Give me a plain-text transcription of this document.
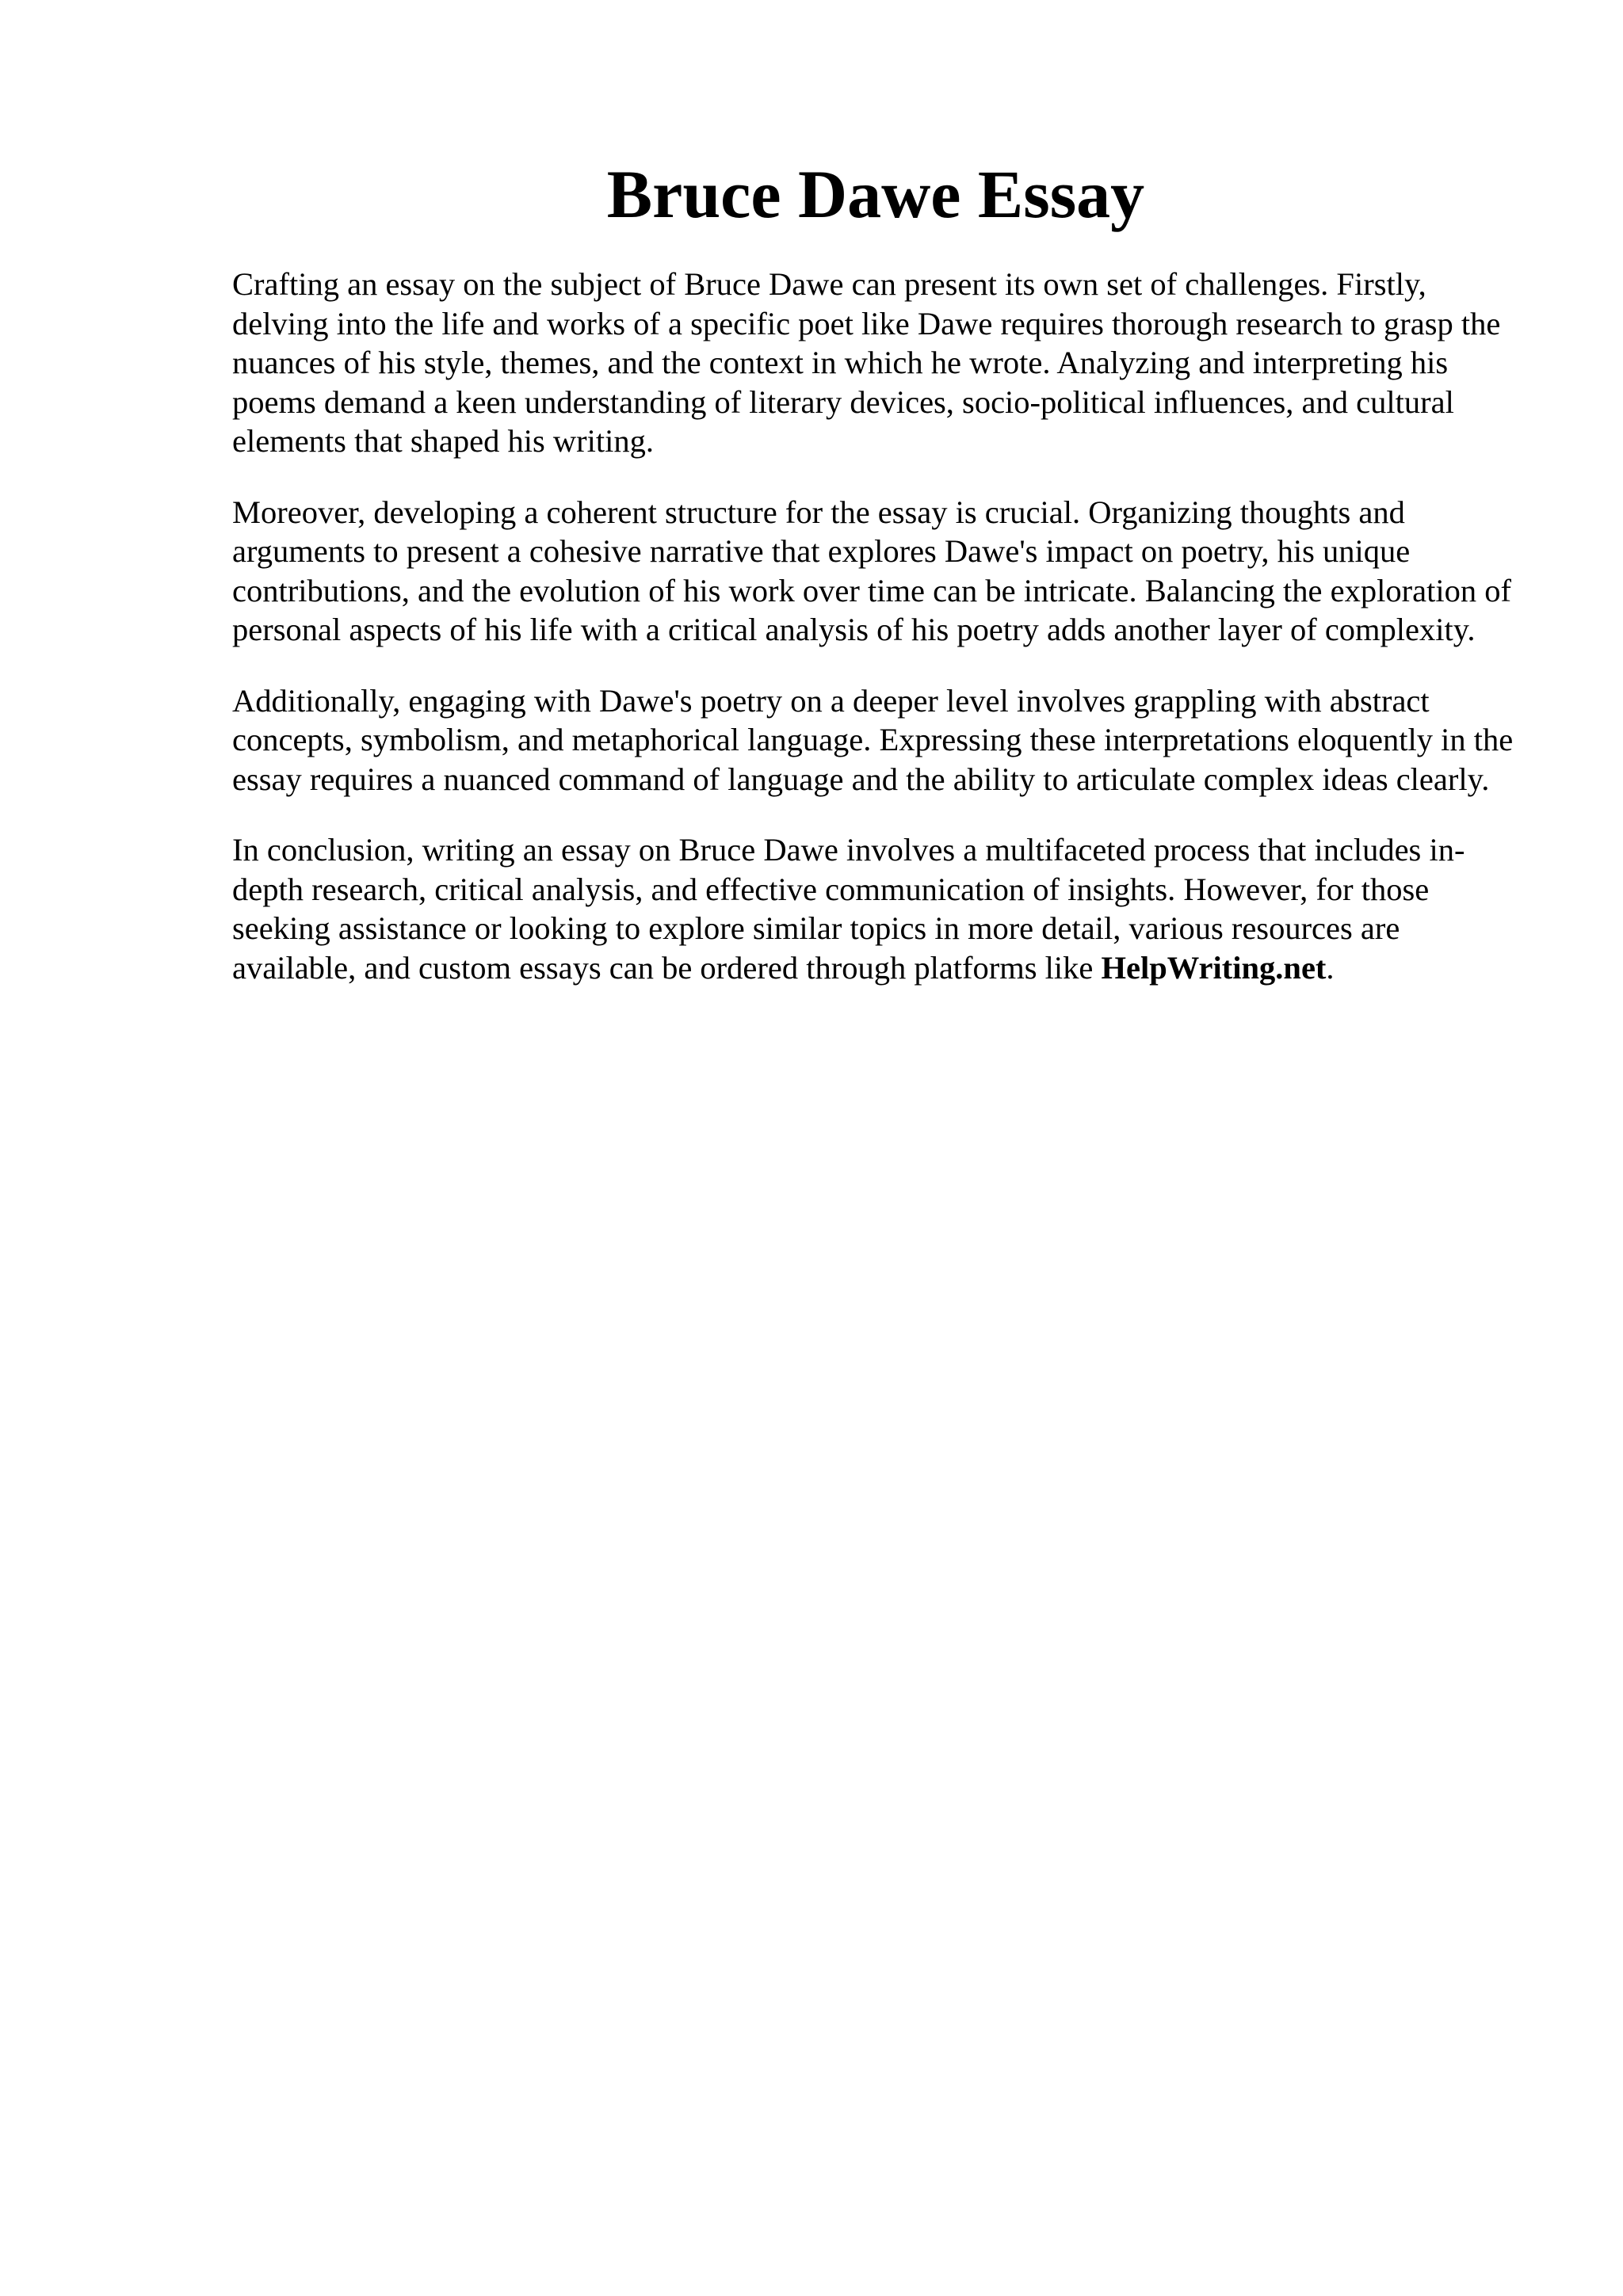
Bruce Dawe Essay

Crafting an essay on the subject of Bruce Dawe can present its own set of challenges. Firstly, delving into the life and works of a specific poet like Dawe requires thorough research to grasp the nuances of his style, themes, and the context in which he wrote. Analyzing and interpreting his poems demand a keen understanding of literary devices, socio-political influences, and cultural elements that shaped his writing.

Moreover, developing a coherent structure for the essay is crucial. Organizing thoughts and arguments to present a cohesive narrative that explores Dawe's impact on poetry, his unique contributions, and the evolution of his work over time can be intricate. Balancing the exploration of personal aspects of his life with a critical analysis of his poetry adds another layer of complexity.

Additionally, engaging with Dawe's poetry on a deeper level involves grappling with abstract concepts, symbolism, and metaphorical language. Expressing these interpretations eloquently in the essay requires a nuanced command of language and the ability to articulate complex ideas clearly.

In conclusion, writing an essay on Bruce Dawe involves a multifaceted process that includes in-depth research, critical analysis, and effective communication of insights. However, for those seeking assistance or looking to explore similar topics in more detail, various resources are available, and custom essays can be ordered through platforms like HelpWriting.net.
